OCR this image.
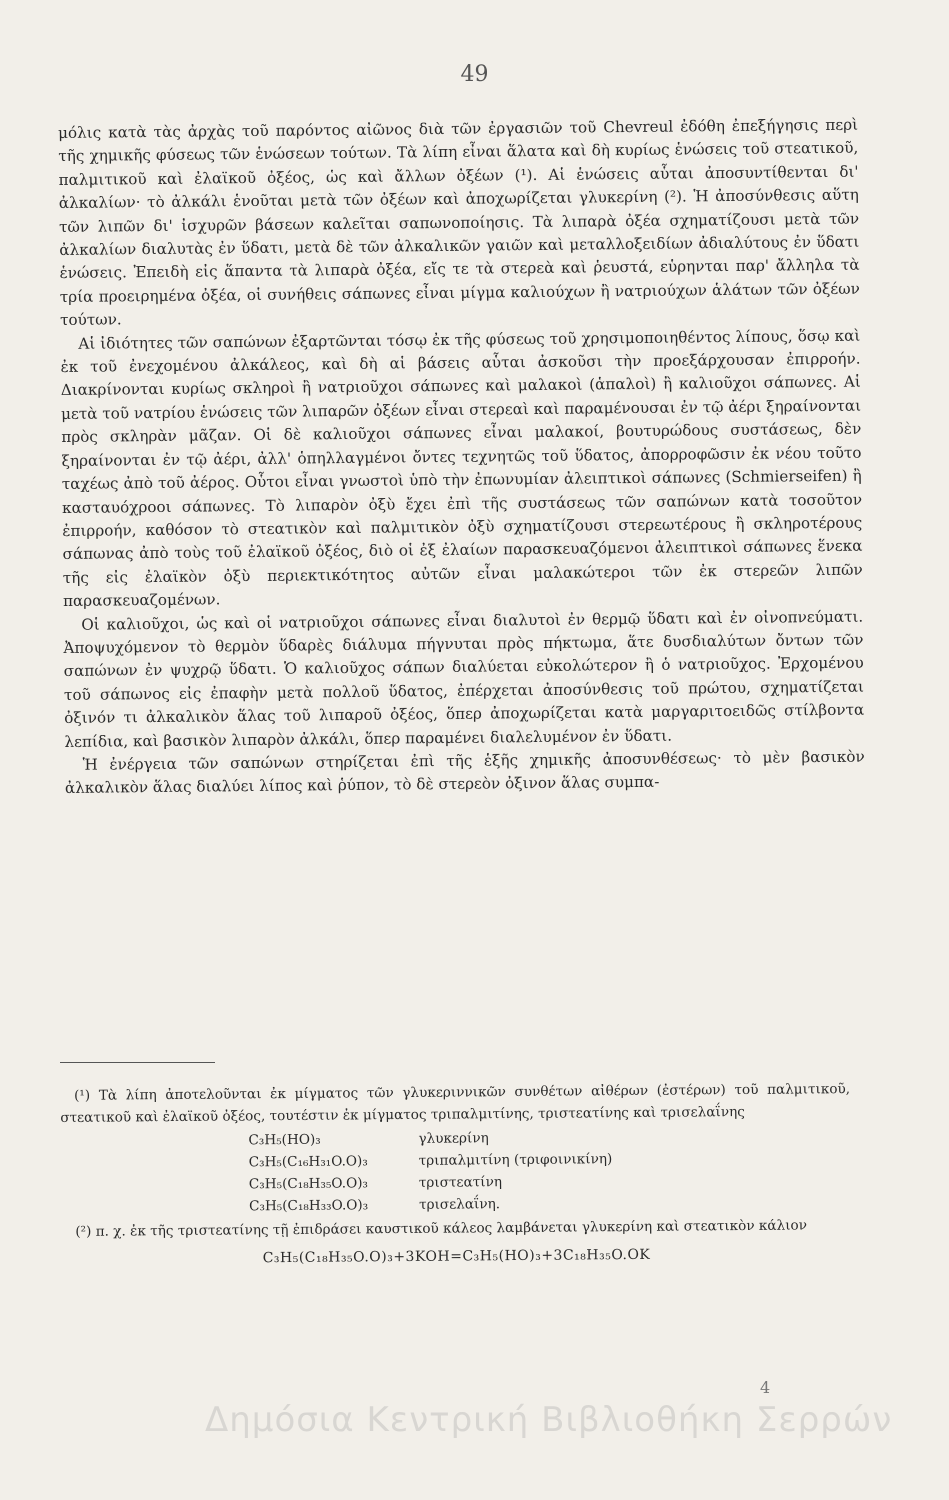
49

μόλις κατὰ τὰς ἀρχὰς τοῦ παρόντος αἰῶνος διὰ τῶν ἐργασιῶν τοῦ Chevreul ἐδόθη ἐπεξήγησις περὶ τῆς χημικῆς φύσεως τῶν ἑνώσεων τούτων. Τὰ λίπη εἶναι ἅλατα καὶ δὴ κυρίως ἑνώσεις τοῦ στεατικοῦ, παλμιτικοῦ καὶ ἐλαϊκοῦ ὀξέος, ὡς καὶ ἄλλων ὀξέων (¹). Αἱ ἑνώσεις αὗται ἀποσυντίθενται δι' ἀλκαλίων· τὸ ἀλκάλι ἑνοῦται μετὰ τῶν ὀξέων καὶ ἀποχωρίζεται γλυκερίνη (²). Ἡ ἀποσύνθεσις αὕτη τῶν λιπῶν δι' ἰσχυρῶν βάσεων καλεῖται σαπωνοποίησις. Τὰ λιπαρὰ ὀξέα σχηματίζουσι μετὰ τῶν ἀλκαλίων διαλυτὰς ἐν ὕδατι, μετὰ δὲ τῶν ἀλκαλικῶν γαιῶν καὶ μεταλλοξειδίων ἀδιαλύτους ἐν ὕδατι ἑνώσεις. Ἐπειδὴ εἰς ἅπαντα τὰ λιπαρὰ ὀξέα, εἴς τε τὰ στερεὰ καὶ ῥευστά, εὑρηνται παρ' ἄλληλα τὰ τρία προειρημένα ὀξέα, οἱ συνήθεις σάπωνες εἶναι μίγμα καλιούχων ἢ νατριούχων ἁλάτων τῶν ὀξέων τούτων.

Αἱ ἰδιότητες τῶν σαπώνων ἐξαρτῶνται τόσῳ ἐκ τῆς φύσεως τοῦ χρησιμοποιηθέντος λίπους, ὅσῳ καὶ ἐκ τοῦ ἐνεχομένου ἀλκάλεος, καὶ δὴ αἱ βάσεις αὗται ἀσκοῦσι τὴν προεξάρχουσαν ἐπιρροήν. Διακρίνονται κυρίως σκληροὶ ἢ νατριοῦχοι σάπωνες καὶ μαλακοὶ (ἁπαλοὶ) ἢ καλιοῦχοι σάπωνες. Αἱ μετὰ τοῦ νατρίου ἑνώσεις τῶν λιπαρῶν ὀξέων εἶναι στερεαὶ καὶ παραμένουσαι ἐν τῷ ἀέρι ξηραίνονται πρὸς σκληρὰν μᾶζαν. Οἱ δὲ καλιοῦχοι σάπωνες εἶναι μαλακοί, βουτυρώδους συστάσεως, δὲν ξηραίνονται ἐν τῷ ἀέρι, ἀλλ' ὁπηλλαγμένοι ὄντες τεχνητῶς τοῦ ὕδατος, ἀπορροφῶσιν ἐκ νέου τοῦτο ταχέως ἀπὸ τοῦ ἀέρος. Οὗτοι εἶναι γνωστοὶ ὑπὸ τὴν ἐπωνυμίαν ἀλειπτικοὶ σάπωνες (Schmierseifen) ἢ κασταυόχροοι σάπωνες. Τὸ λιπαρὸν ὀξὺ ἔχει ἐπὶ τῆς συστάσεως τῶν σαπώνων κατὰ τοσοῦτον ἐπιρροήν, καθόσον τὸ στεατικὸν καὶ παλμιτικὸν ὀξὺ σχηματίζουσι στερεωτέρους ἢ σκληροτέρους σάπωνας ἀπὸ τοὺς τοῦ ἐλαϊκοῦ ὀξέος, διὸ οἱ ἐξ ἐλαίων παρασκευαζόμενοι ἀλειπτικοὶ σάπωνες ἕνεκα τῆς εἰς ἐλαϊκὸν ὀξὺ περιεκτικότητος αὐτῶν εἶναι μαλακώτεροι τῶν ἐκ στερεῶν λιπῶν παρασκευαζομένων.

Οἱ καλιοῦχοι, ὡς καὶ οἱ νατριοῦχοι σάπωνες εἶναι διαλυτοὶ ἐν θερμῷ ὕδατι καὶ ἐν οἰνοπνεύματι. Ἀποψυχόμενον τὸ θερμὸν ὕδαρὲς διάλυμα πήγνυται πρὸς πήκτωμα, ἅτε δυσδιαλύτων ὄντων τῶν σαπώνων ἐν ψυχρῷ ὕδατι. Ὁ καλιοῦχος σάπων διαλύεται εὐκολώτερον ἢ ὁ νατριοῦχος. Ἐρχομένου τοῦ σάπωνος εἰς ἐπαφὴν μετὰ πολλοῦ ὕδατος, ἐπέρχεται ἀποσύνθεσις τοῦ πρώτου, σχηματίζεται ὀξινόν τι ἀλκαλικὸν ἅλας τοῦ λιπαροῦ ὀξέος, ὅπερ ἀποχωρίζεται κατὰ μαργαριτοειδῶς στίλβοντα λεπίδια, καὶ βασικὸν λιπαρὸν ἀλκάλι, ὅπερ παραμένει διαλελυμένον ἐν ὕδατι.

Ἡ ἐνέργεια τῶν σαπώνων στηρίζεται ἐπὶ τῆς ἑξῆς χημικῆς ἀποσυνθέσεως· τὸ μὲν βασικὸν ἀλκαλικὸν ἅλας διαλύει λίπος καὶ ῥύπον, τὸ δὲ στερεὸν ὀξινον ἅλας συμπα-

(¹) Τὰ λίπη ἀποτελοῦνται ἐκ μίγματος τῶν γλυκεριννικῶν συνθέτων αἰθέρων (ἐστέρων) τοῦ παλμιτικοῦ, στεατικοῦ καὶ ἐλαϊκοῦ ὀξέος, τουτέστιν ἐκ μίγματος τριπαλμιτίνης, τριστεατίνης καὶ τρισελαΐνης

C₃H₅(HO)₃	γλυκερίνη
C₃H₅(C₁₆H₃₁O.O)₃	τριπαλμιτίνη (τριφοινικίνη)
C₃H₅(C₁₈H₃₅O.O)₃	τριστεατίνη
C₃H₅(C₁₈H₃₃O.O)₃	τρισελαΐνη.

(²) π. χ. ἐκ τῆς τριστεατίνης τῇ ἐπιδράσει καυστικοῦ κάλεος λαμβάνεται γλυκερίνη καὶ στεατικὸν κάλιον

C₃H₅(C₁₈H₃₅O.O)₃+3KOH=C₃H₅(HO)₃+3C₁₈H₃₅O.OK
4
Δημόσια Κεντρική Βιβλιοθήκη Σερρών
